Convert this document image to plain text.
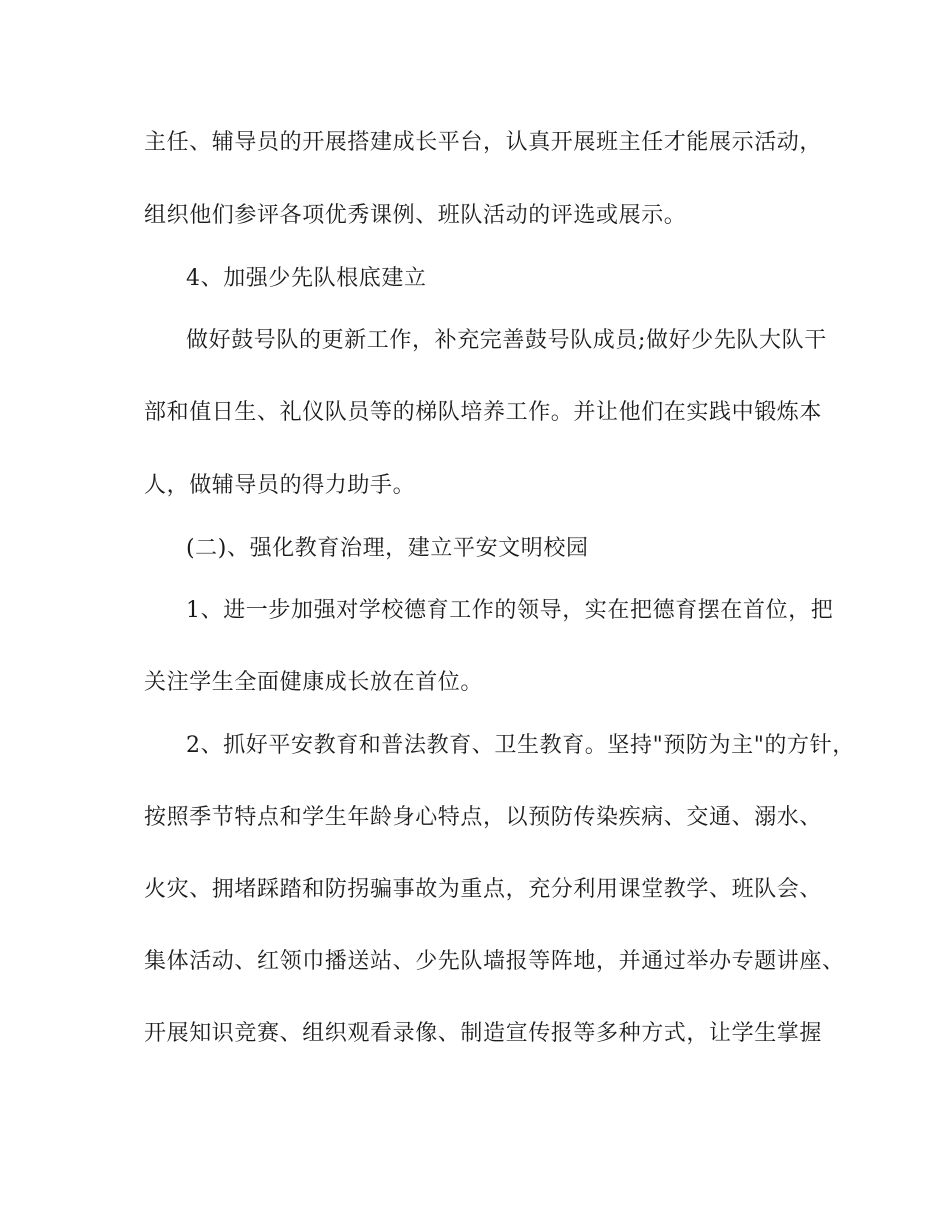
主任、辅导员的开展搭建成长平台，认真开展班主任才能展示活动，
组织他们参评各项优秀课例、班队活动的评选或展示。
4、加强少先队根底建立
做好鼓号队的更新工作，补充完善鼓号队成员;做好少先队大队干
部和值日生、礼仪队员等的梯队培养工作。并让他们在实践中锻炼本
人，做辅导员的得力助手。
(二)、强化教育治理，建立平安文明校园
1、进一步加强对学校德育工作的领导，实在把德育摆在首位，把
关注学生全面健康成长放在首位。
2、抓好平安教育和普法教育、卫生教育。坚持"预防为主"的方针，
按照季节特点和学生年龄身心特点，以预防传染疾病、交通、溺水、
火灾、拥堵踩踏和防拐骗事故为重点，充分利用课堂教学、班队会、
集体活动、红领巾播送站、少先队墙报等阵地，并通过举办专题讲座、
开展知识竞赛、组织观看录像、制造宣传报等多种方式，让学生掌握
